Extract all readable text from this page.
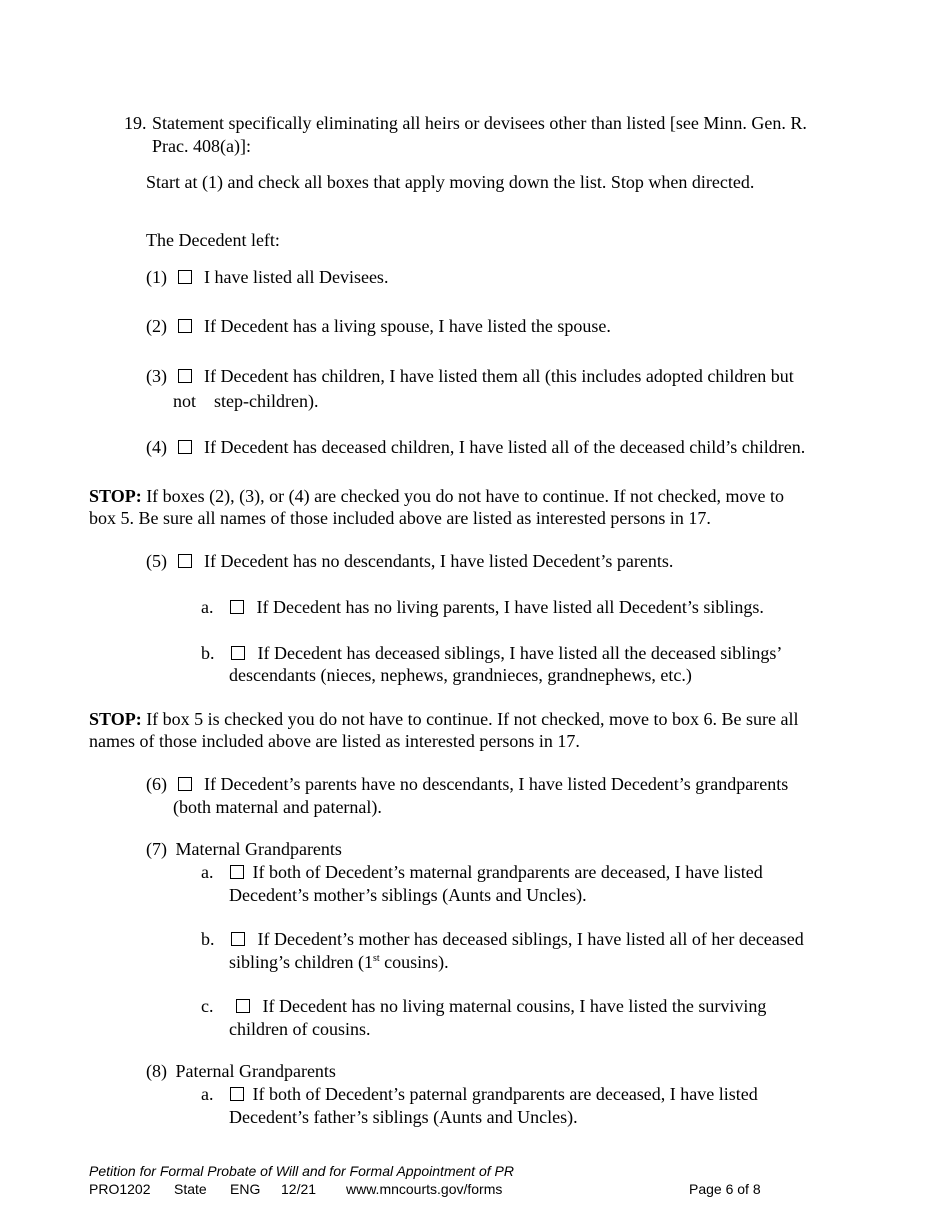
19. Statement specifically eliminating all heirs or devisees other than listed [see Minn. Gen. R.
Prac. 408(a)]:
Start at (1) and check all boxes that apply moving down the list. Stop when directed.
The Decedent left:
(1) I have listed all Devisees.
(2) If Decedent has a living spouse, I have listed the spouse.
(3) If Decedent has children, I have listed them all (this includes adopted children but
not step-children).
(4) If Decedent has deceased children, I have listed all of the deceased child’s children.
STOP: If boxes (2), (3), or (4) are checked you do not have to continue. If not checked, move to
box 5. Be sure all names of those included above are listed as interested persons in 17.
(5) If Decedent has no descendants, I have listed Decedent’s parents.
a. If Decedent has no living parents, I have listed all Decedent’s siblings.
b. If Decedent has deceased siblings, I have listed all the deceased siblings’
descendants (nieces, nephews, grandnieces, grandnephews, etc.)
STOP: If box 5 is checked you do not have to continue. If not checked, move to box 6. Be sure all
names of those included above are listed as interested persons in 17.
(6) If Decedent’s parents have no descendants, I have listed Decedent’s grandparents
(both maternal and paternal).
(7) Maternal Grandparents
a. If both of Decedent’s maternal grandparents are deceased, I have listed
Decedent’s mother’s siblings (Aunts and Uncles).
b. If Decedent’s mother has deceased siblings, I have listed all of her deceased
sibling’s children (1st cousins).
c.	If Decedent has no living maternal cousins, I have listed the surviving
children of cousins.
(8) Paternal Grandparents
a. If both of Decedent’s paternal grandparents are deceased, I have listed
Decedent’s father’s siblings (Aunts and Uncles).
Petition for Formal Probate of Will and for Formal Appointment of PR
PRO1202 State ENG 12/21 www.mncourts.gov/forms	Page 6 of 8
